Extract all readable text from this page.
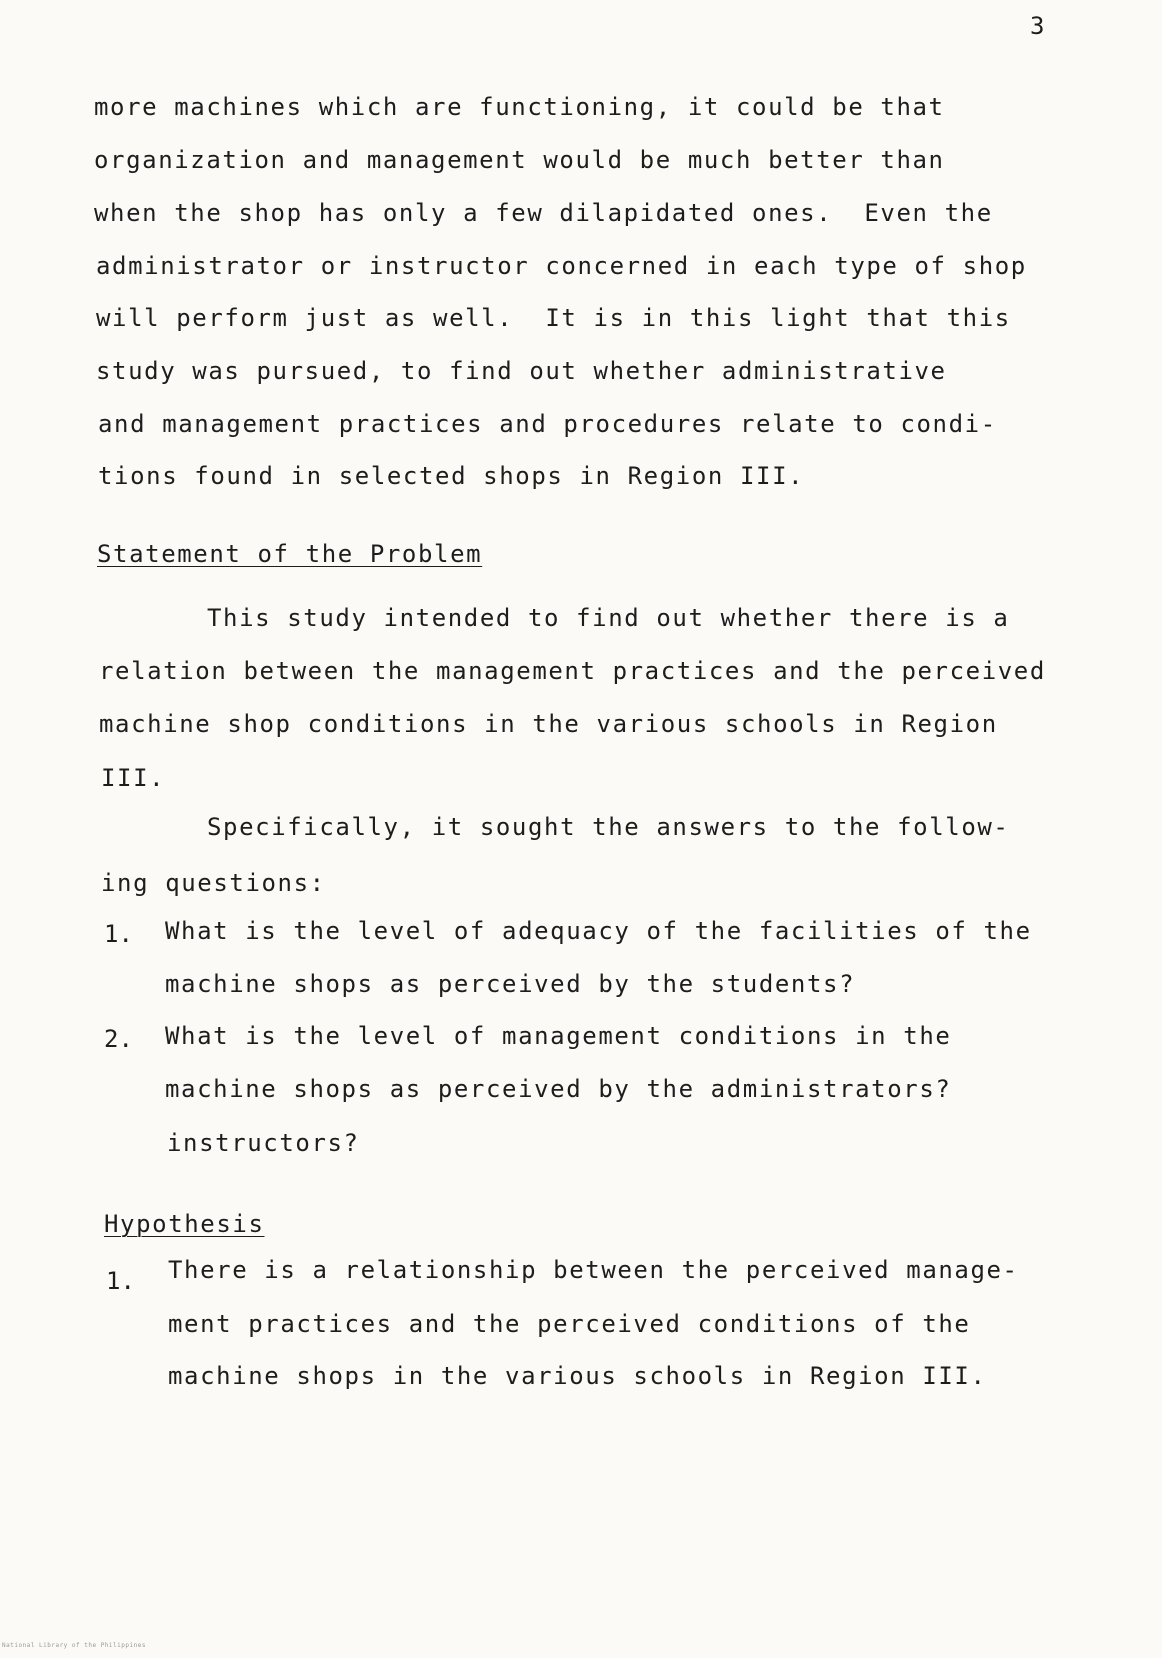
3

more machines which are functioning, it could be that

organization and management would be much better than

when the shop has only a few dilapidated ones.  Even the

administrator or instructor concerned in each type of shop

will perform just as well.  It is in this light that this

study was pursued, to find out whether administrative

and management practices and procedures relate to condi-

tions found in selected shops in Region III.

Statement of the Problem

This study intended to find out whether there is a

relation between the management practices and the perceived

machine shop conditions in the various schools in Region

III.

Specifically, it sought the answers to the follow-

ing questions:

1. What is the level of adequacy of the facilities of the

machine shops as perceived by the students?

2. What is the level of management conditions in the

machine shops as perceived by the administrators?

instructors?

Hypothesis

1. There is a relationship between the perceived manage-

ment practices and the perceived conditions of the

machine shops in the various schools in Region III.

National Library of the Philippines
